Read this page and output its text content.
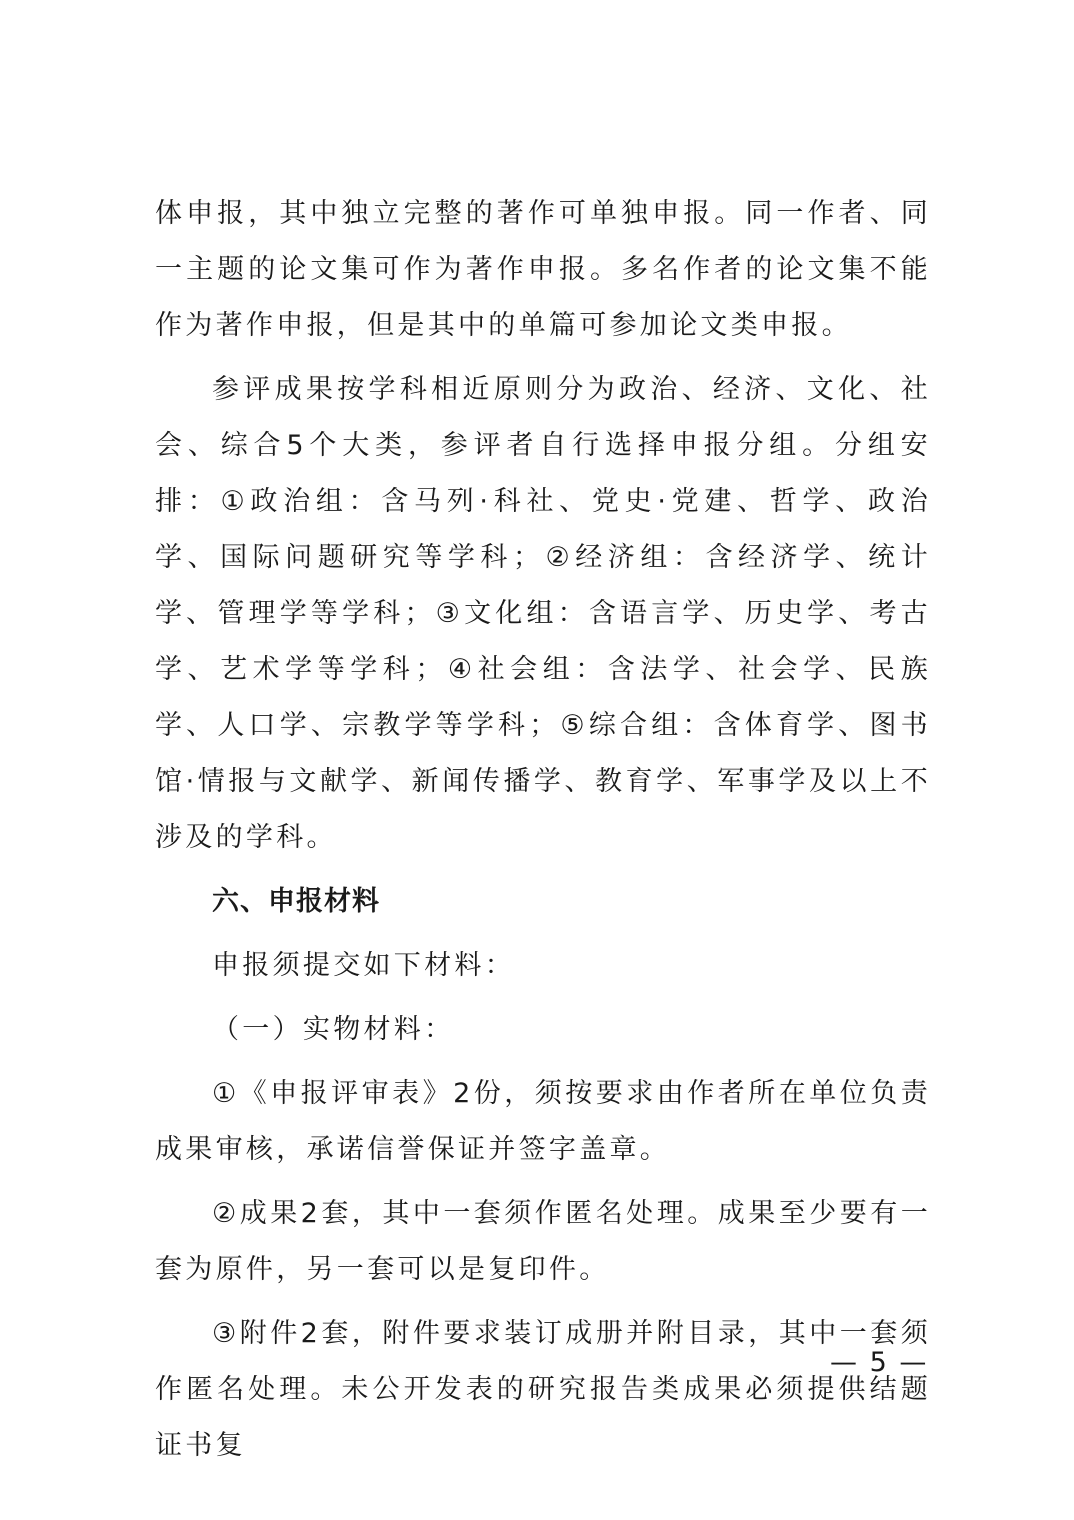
体申报，其中独立完整的著作可单独申报。同一作者、同一主题的论文集可作为著作申报。多名作者的论文集不能作为著作申报，但是其中的单篇可参加论文类申报。

参评成果按学科相近原则分为政治、经济、文化、社会、综合5个大类，参评者自行选择申报分组。分组安排：①政治组：含马列·科社、党史·党建、哲学、政治学、国际问题研究等学科；②经济组：含经济学、统计学、管理学等学科；③文化组：含语言学、历史学、考古学、艺术学等学科；④社会组：含法学、社会学、民族学、人口学、宗教学等学科；⑤综合组：含体育学、图书馆·情报与文献学、新闻传播学、教育学、军事学及以上不涉及的学科。

六、申报材料

申报须提交如下材料：

（一）实物材料：

①《申报评审表》2份，须按要求由作者所在单位负责成果审核，承诺信誉保证并签字盖章。

②成果2套，其中一套须作匿名处理。成果至少要有一套为原件，另一套可以是复印件。

③附件2套，附件要求装订成册并附目录，其中一套须作匿名处理。未公开发表的研究报告类成果必须提供结题证书复

— 5 —
